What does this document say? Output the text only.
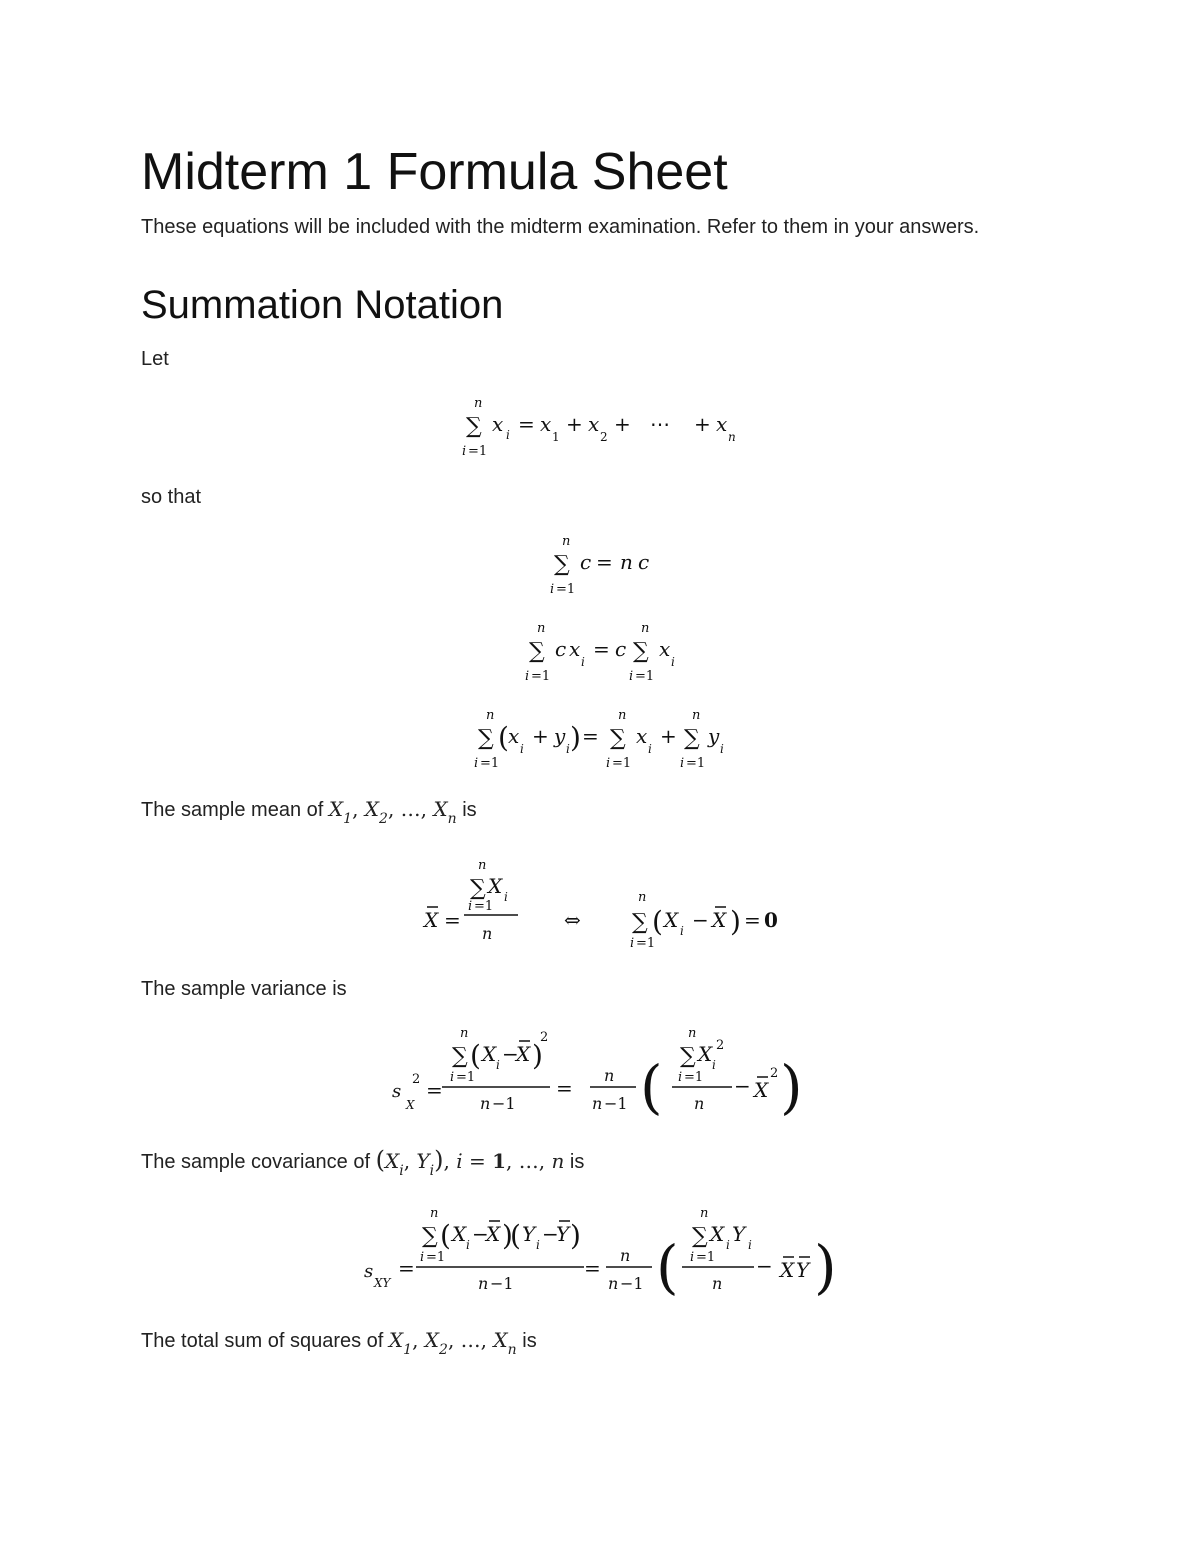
Midterm 1 Formula Sheet

These equations will be included with the midterm examination. Refer to them in your answers.

Summation Notation

Let

n
∑
i =1
x i = x
1
+ x
2
+ ⋯ + x
n

so that

n
∑
i =1
c = n c
n
∑
i =1
c x
i
= c
n
∑
i =1
x
i
n
∑
i =1
( x
i
+ y
i ) =
n
∑
i =1
x
i
+
n
∑
i =1
y
i

The sample mean of $X_1$, $X_2$, …, $X_n$ is

X =
n
∑ X i
i =1
n
⇔
n
∑
i =1
( X i − X ) = 0

The sample variance is

s
X
2 =
n
∑
i =1
( X i −
X )
2
n −1
=
n
n −1 (
n
∑ X i
2
i =1
n
− X
2 )

The sample covariance of ($X_i$, $Y_i$), i = 1, …, n is

s
XY
=
n
∑
i =1
( X i −
X )
( Y i −
Y )
n −1
=
n
n −1 (
n
∑ X i Y i
i =1
n
− X Y )

The total sum of squares of $X_1$, $X_2$, …, $X_n$ is
